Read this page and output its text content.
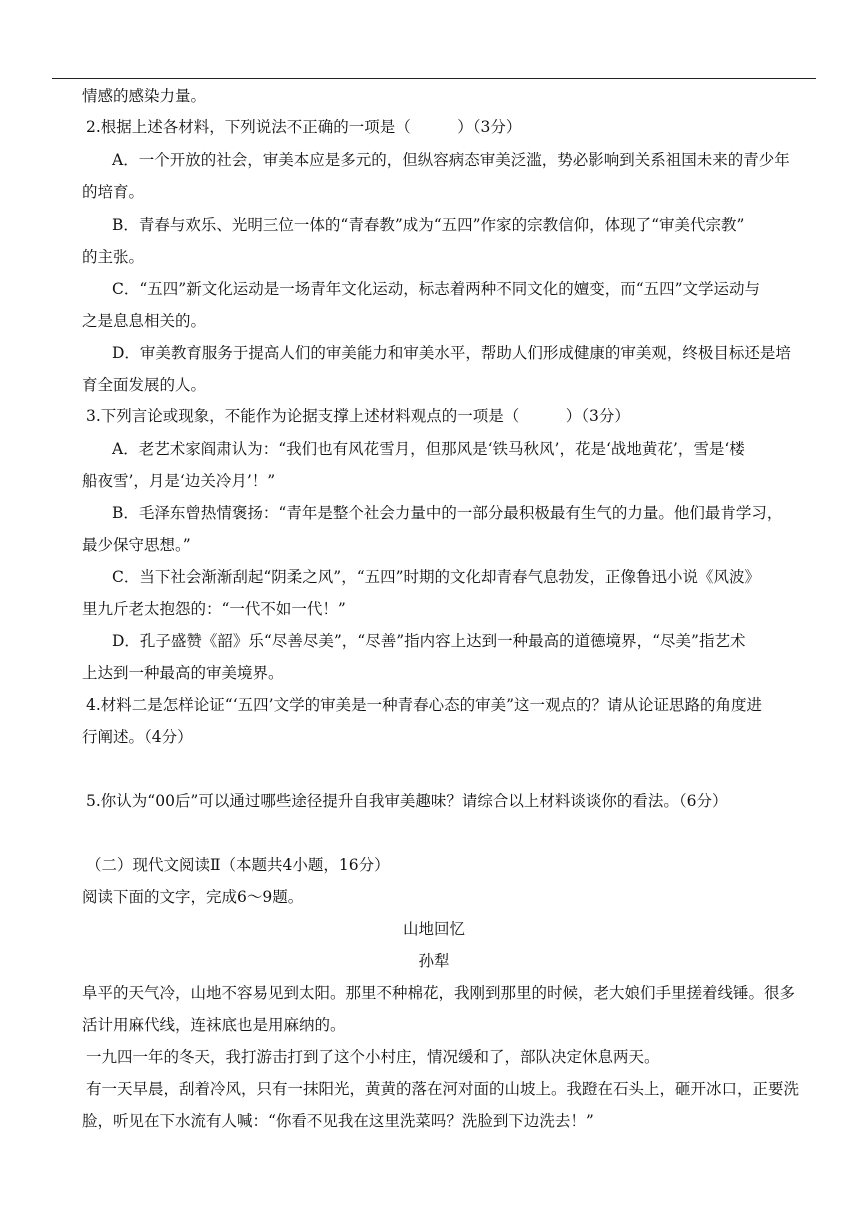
情感的感染力量。
2.根据上述各材料，下列说法不正确的一项是（　　　）（3分）
A．一个开放的社会，审美本应是多元的，但纵容病态审美泛滥，势必影响到关系祖国未来的青少年
的培育。
B．青春与欢乐、光明三位一体的“青春教”成为“五四”作家的宗教信仰，体现了“审美代宗教”
的主张。
C．“五四”新文化运动是一场青年文化运动，标志着两种不同文化的嬗变，而“五四”文学运动与
之是息息相关的。
D．审美教育服务于提高人们的审美能力和审美水平，帮助人们形成健康的审美观，终极目标还是培
育全面发展的人。
3.下列言论或现象，不能作为论据支撑上述材料观点的一项是（　　　）（3分）
A．老艺术家阎肃认为：“我们也有风花雪月，但那风是‘铁马秋风’，花是‘战地黄花’，雪是‘楼
船夜雪’，月是‘边关冷月’！”
B．毛泽东曾热情褒扬：“青年是整个社会力量中的一部分最积极最有生气的力量。他们最肯学习，
最少保守思想。”
C．当下社会渐渐刮起“阴柔之风”，“五四”时期的文化却青春气息勃发，正像鲁迅小说《风波》
里九斤老太抱怨的：“一代不如一代！”
D．孔子盛赞《韶》乐“尽善尽美”，“尽善”指内容上达到一种最高的道德境界，“尽美”指艺术
上达到一种最高的审美境界。
4.材料二是怎样论证“‘五四’文学的审美是一种青春心态的审美”这一观点的？请从论证思路的角度进
行阐述。（4分）
5.你认为“00后”可以通过哪些途径提升自我审美趣味？请综合以上材料谈谈你的看法。（6分）
（二）现代文阅读Ⅱ（本题共4小题，16分）
阅读下面的文字，完成6～9题。
山地回忆
孙犁
阜平的天气冷，山地不容易见到太阳。那里不种棉花，我刚到那里的时候，老大娘们手里搓着线锤。很多
活计用麻代线，连袜底也是用麻纳的。
一九四一年的冬天，我打游击打到了这个小村庄，情况缓和了，部队决定休息两天。
有一天早晨，刮着冷风，只有一抹阳光，黄黄的落在河对面的山坡上。我蹬在石头上，砸开冰口，正要洗
脸，听见在下水流有人喊：“你看不见我在这里洗菜吗？洗脸到下边洗去！”
